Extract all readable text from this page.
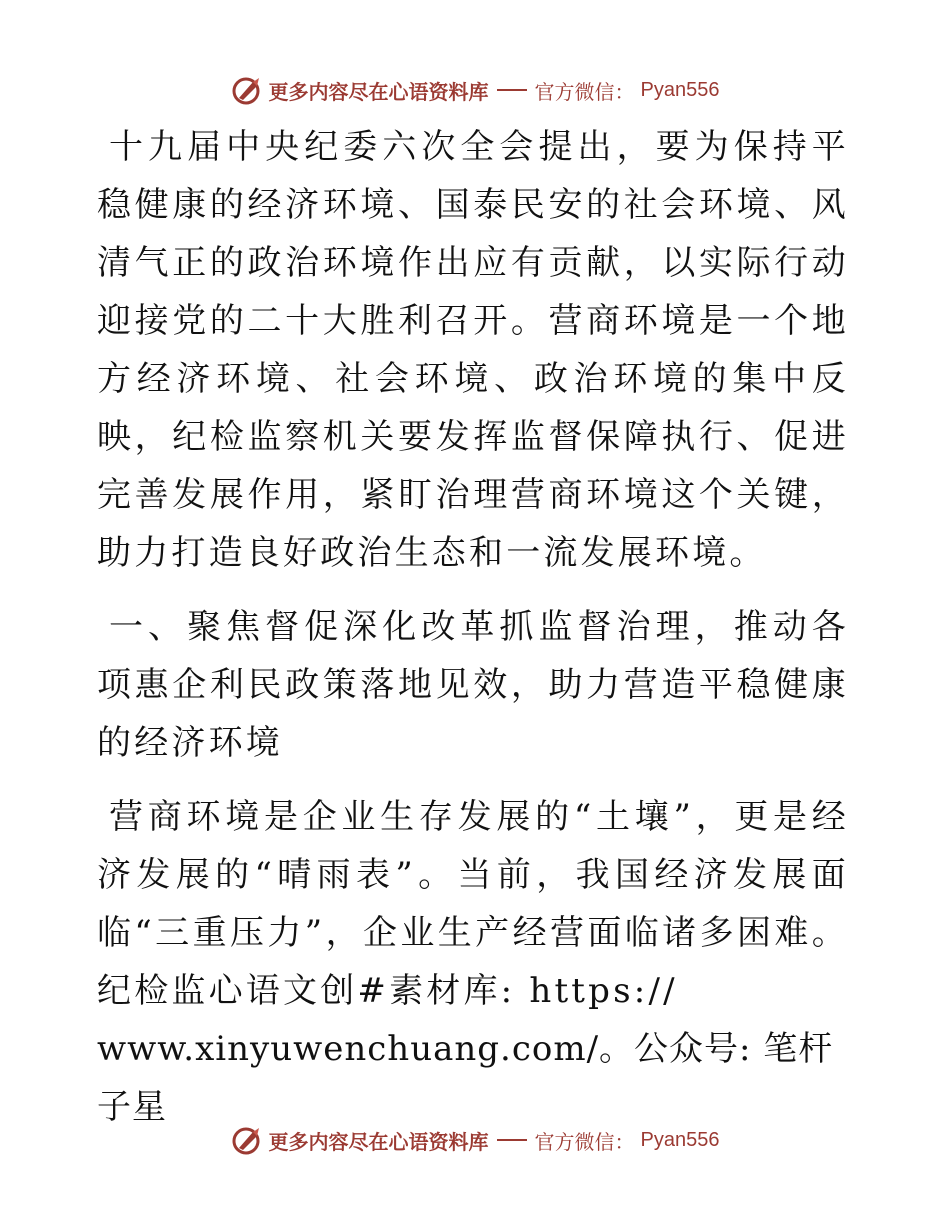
更多内容尽在心语资料库 官方微信： Pyan556

十九届中央纪委六次全会提出，要为保持平稳健康的经济环境、国泰民安的社会环境、风清气正的政治环境作出应有贡献，以实际行动迎接党的二十大胜利召开。营商环境是一个地方经济环境、社会环境、政治环境的集中反映，纪检监察机关要发挥监督保障执行、促进完善发展作用，紧盯治理营商环境这个关键，助力打造良好政治生态和一流发展环境。

一、聚焦督促深化改革抓监督治理，推动各项惠企利民政策落地见效，助力营造平稳健康的经济环境

营商环境是企业生存发展的“土壤”，更是经济发展的“晴雨表”。当前，我国经济发展面临“三重压力”，企业生产经营面临诸多困难。纪检监心语文创#素材库: https://

www.xinyuwenchuang.com/。公众号: 笔杆子星
更多内容尽在心语资料库 官方微信： Pyan556
